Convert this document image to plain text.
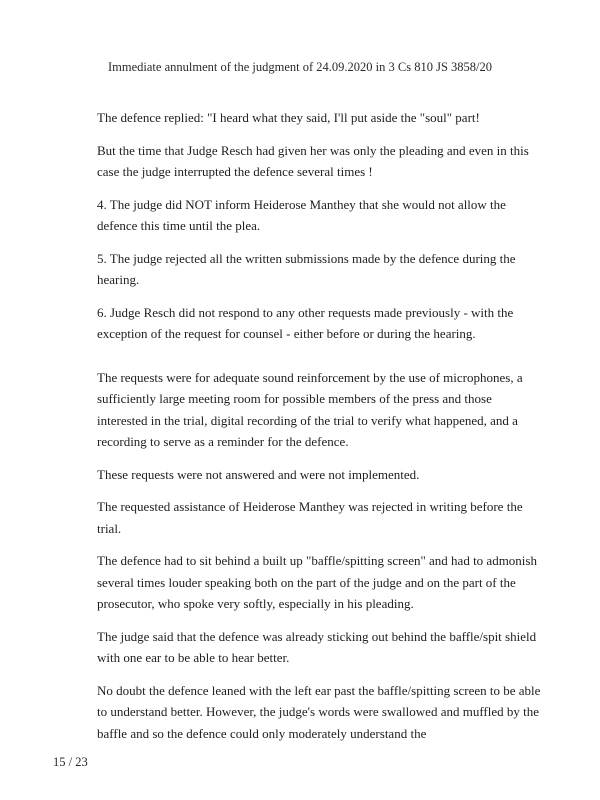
Immediate annulment of the judgment of 24.09.2020 in 3 Cs 810 JS 3858/20

The defence replied: "I heard what they said, I'll put aside the "soul" part!

But the time that Judge Resch had given her was only the pleading and even in this case the judge interrupted the defence several times !

4. The judge did NOT inform Heiderose Manthey that she would not allow the defence this time until the plea.

5. The judge rejected all the written submissions made by the defence during the hearing.

6. Judge Resch did not respond to any other requests made previously - with the exception of the request for counsel - either before or during the hearing.

The requests were for adequate sound reinforcement by the use of microphones, a sufficiently large meeting room for possible members of the press and those interested in the trial, digital recording of the trial to verify what happened, and a recording to serve as a reminder for the defence.

These requests were not answered and were not implemented.

The requested assistance of Heiderose Manthey was rejected in writing before the trial.

The defence had to sit behind a built up "baffle/spitting screen" and had to admonish several times louder speaking both on the part of the judge and on the part of the prosecutor, who spoke very softly, especially in his pleading.

The judge said that the defence was already sticking out behind the baffle/spit shield with one ear to be able to hear better.

No doubt the defence leaned with the left ear past the baffle/spitting screen to be able to understand better. However, the judge's words were swallowed and muffled by the baffle and so the defence could only moderately understand the

15 / 23
